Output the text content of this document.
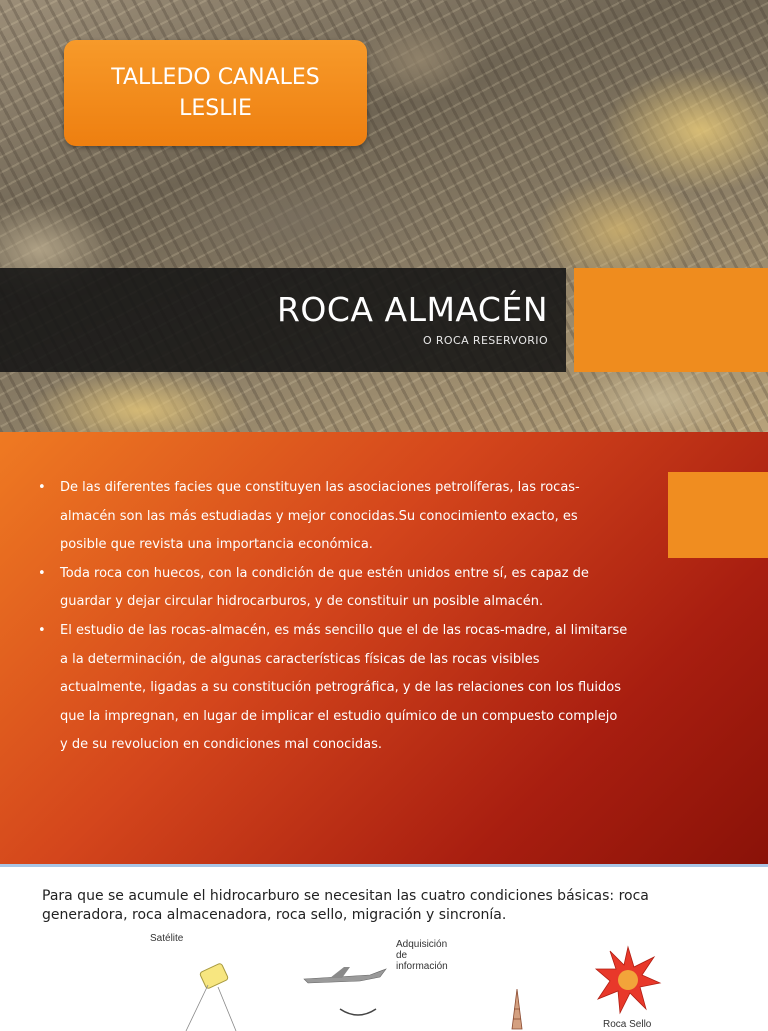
TALLEDO CANALES
LESLIE
ROCA ALMACÉN
O ROCA RESERVORIO
• De las diferentes facies que constituyen las asociaciones petrolíferas, las rocas-almacén son las más estudiadas y mejor conocidas.Su conocimiento exacto, es posible que revista una importancia económica.
• Toda roca con huecos, con la condición de que estén unidos entre sí, es capaz de guardar y dejar circular hidrocarburos, y de constituir un posible almacén.
• El estudio de las rocas-almacén, es más sencillo que el de las rocas-madre, al limitarse a la determinación, de algunas características físicas de las rocas visibles actualmente, ligadas a su constitución petrográfica, y de las relaciones con los fluidos que la impregnan, en lugar de implicar el estudio químico de un compuesto complejo y de su revolucion en condiciones mal conocidas.

Para que se acumule el hidrocarburo se necesitan las cuatro condiciones básicas: roca generadora, roca almacenadora, roca sello, migración y sincronía.

Satélite
Adquisición
de
información
Roca Sello
